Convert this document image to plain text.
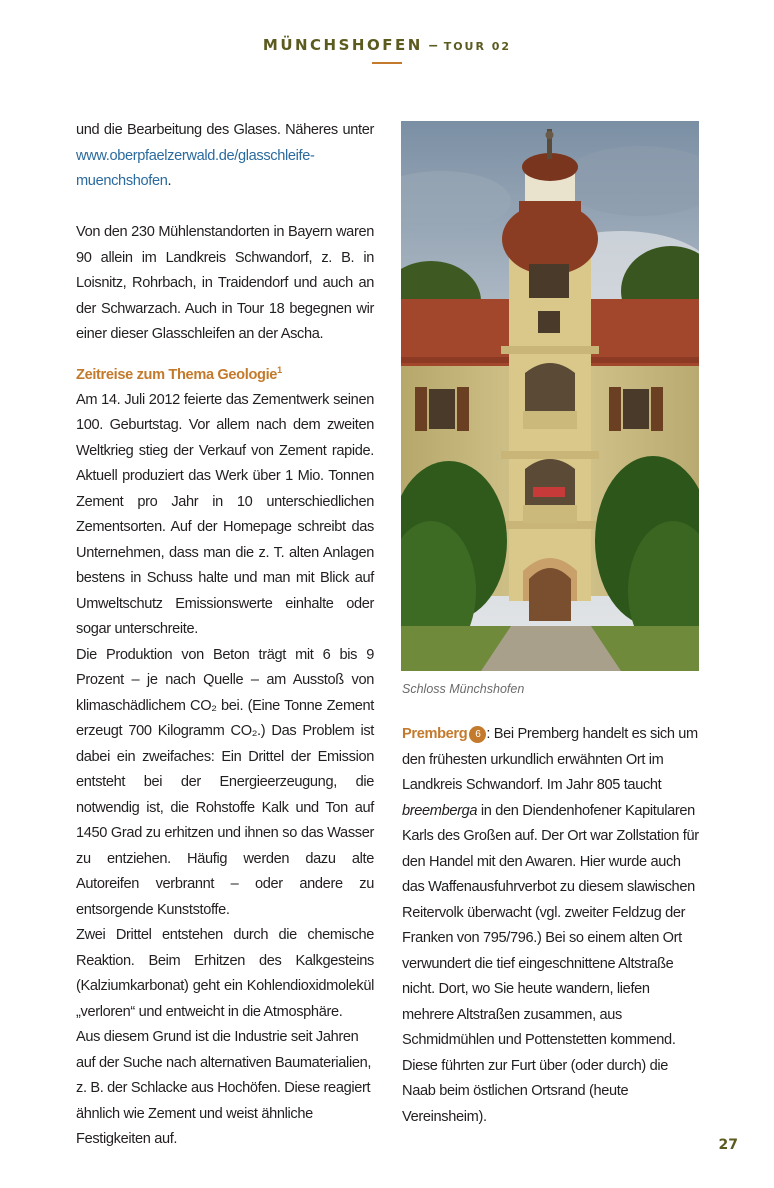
MÜNCHSHOFEN – TOUR 02

und die Bearbeitung des Glases. Näheres unter www.oberpfaelzerwald.de/glasschleife-muenchshofen.

Von den 230 Mühlenstandorten in Bayern waren 90 allein im Landkreis Schwandorf, z. B. in Loisnitz, Rohrbach, in Traidendorf und auch an der Schwarzach. Auch in Tour 18 begegnen wir einer dieser Glasschleifen an der Ascha.

Zeitreise zum Thema Geologie$^1$

Am 14. Juli 2012 feierte das Zementwerk seinen 100. Geburtstag. Vor allem nach dem zweiten Weltkrieg stieg der Verkauf von Zement rapide. Aktuell produziert das Werk über 1 Mio. Tonnen Zement pro Jahr in 10 unterschiedlichen Zementsorten. Auf der Homepage schreibt das Unternehmen, dass man die z. T. alten Anlagen bestens in Schuss halte und man mit Blick auf Umweltschutz Emissionswerte einhalte oder sogar unterschreite.

Die Produktion von Beton trägt mit 6 bis 9 Prozent – je nach Quelle – am Ausstoß von klimaschädlichem CO₂ bei. (Eine Tonne Zement erzeugt 700 Kilogramm CO₂.) Das Problem ist dabei ein zweifaches: Ein Drittel der Emission entsteht bei der Energieerzeugung, die notwendig ist, die Rohstoffe Kalk und Ton auf 1450 Grad zu erhitzen und ihnen so das Wasser zu entziehen. Häufig werden dazu alte Autoreifen verbrannt – oder andere zu entsorgende Kunststoffe.

Zwei Drittel entstehen durch die chemische Reaktion. Beim Erhitzen des Kalkgesteins (Kalziumkarbonat) geht ein Kohlendioxidmolekül „verloren“ und entweicht in die Atmosphäre.

Aus diesem Grund ist die Industrie seit Jahren auf der Suche nach alternativen Baumaterialien, z. B. der Schlacke aus Hochöfen. Diese reagiert ähnlich wie Zement und weist ähnliche Festigkeiten auf.

Schloss Münchshofen

Premberg 6 : Bei Premberg handelt es sich um den frühesten urkundlich erwähnten Ort im Landkreis Schwandorf. Im Jahr 805 taucht breemberga in den Diendenhofener Kapitularen Karls des Großen auf. Der Ort war Zollstation für den Handel mit den Awaren. Hier wurde auch das Waffenausfuhrverbot zu diesem slawischen Reitervolk überwacht (vgl. zweiter Feldzug der Franken von 795/796.) Bei so einem alten Ort verwundert die tief eingeschnittene Altstraße nicht. Dort, wo Sie heute wandern, liefen mehrere Altstraßen zusammen, aus Schmidmühlen und Pottenstetten kommend. Diese führten zur Furt über (oder durch) die Naab beim östlichen Ortsrand (heute Vereinsheim).

27
